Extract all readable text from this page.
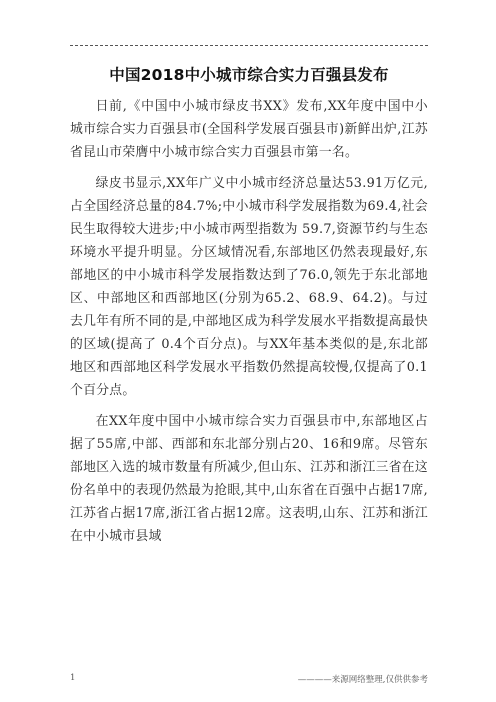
中国2018中小城市综合实力百强县发布

日前,《中国中小城市绿皮书XX》发布,XX年度中国中小城市综合实力百强县市(全国科学发展百强县市)新鲜出炉,江苏省昆山市荣膺中小城市综合实力百强县市第一名。

绿皮书显示,XX年广义中小城市经济总量达53.91万亿元,占全国经济总量的84.7%;中小城市科学发展指数为69.4,社会民生取得较大进步;中小城市两型指数为 59.7,资源节约与生态环境水平提升明显。分区域情况看,东部地区仍然表现最好,东部地区的中小城市科学发展指数达到了76.0,领先于东北部地区、中部地区和西部地区(分别为65.2、68.9、64.2)。与过去几年有所不同的是,中部地区成为科学发展水平指数提高最快的区域(提高了 0.4个百分点)。与XX年基本类似的是,东北部地区和西部地区科学发展水平指数仍然提高较慢,仅提高了0.1个百分点。

在XX年度中国中小城市综合实力百强县市中,东部地区占据了55席,中部、西部和东北部分别占20、16和9席。尽管东部地区入选的城市数量有所减少,但山东、江苏和浙江三省在这份名单中的表现仍然最为抢眼,其中,山东省在百强中占据17席,江苏省占据17席,浙江省占据12席。这表明,山东、江苏和浙江在中小城市县域

1	————来源网络整理,仅供供参考
